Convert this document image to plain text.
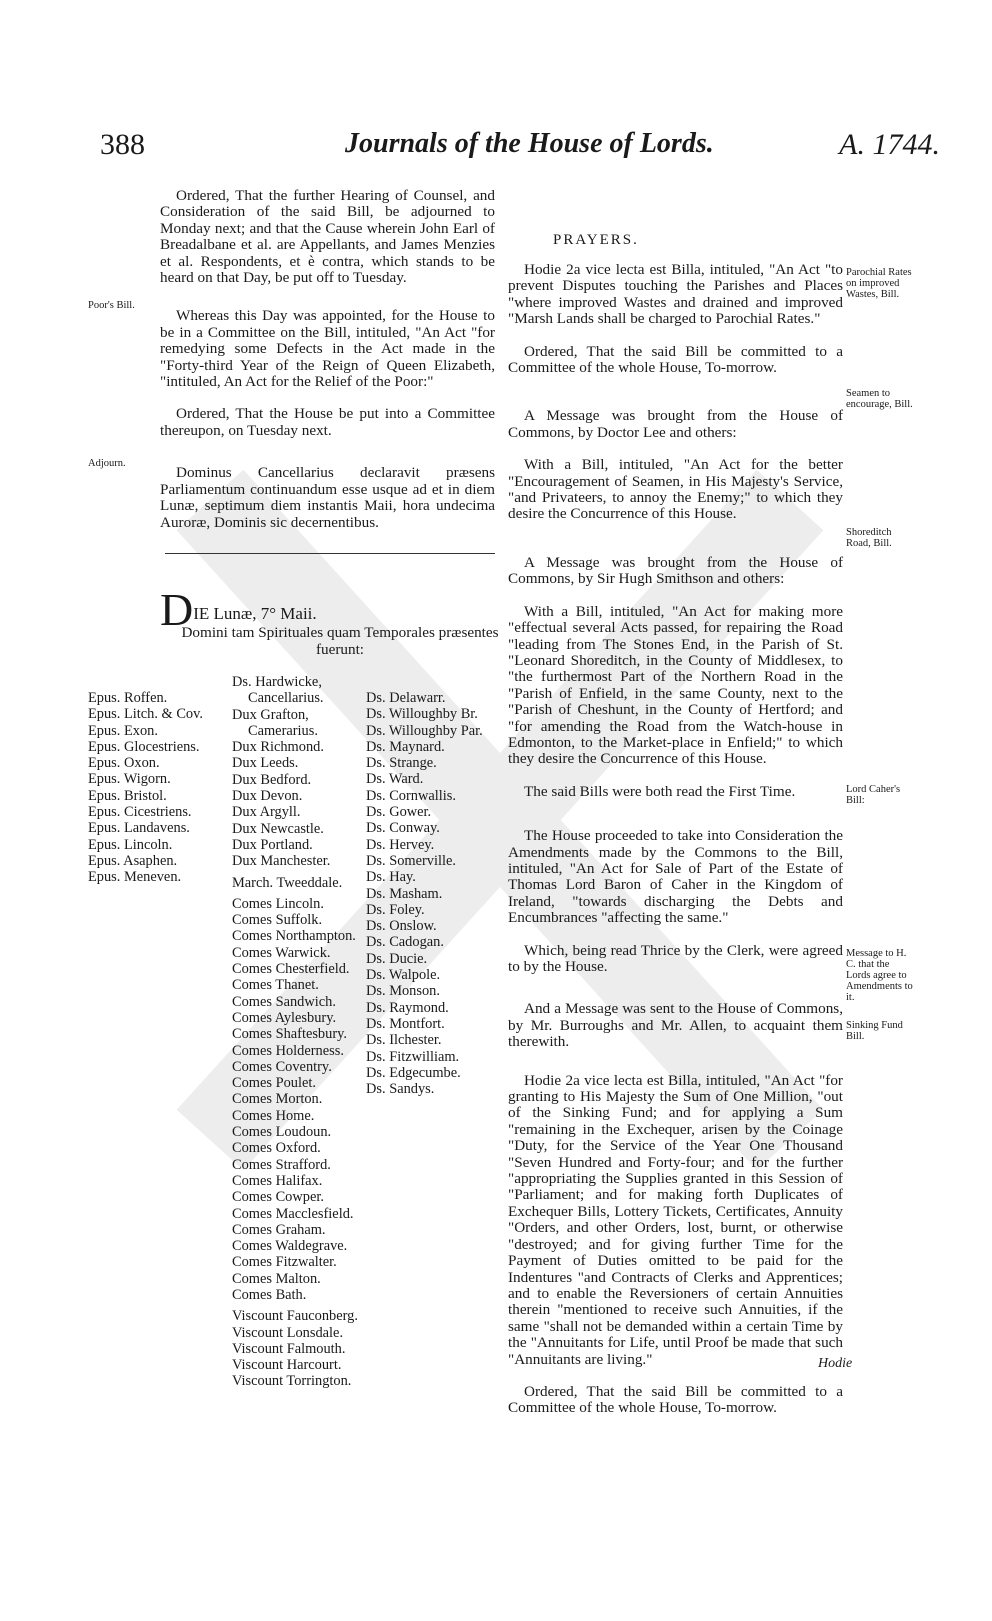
388	Journals of the House of Lords.	A. 1744.

Ordered, That the further Hearing of Counsel, and Consideration of the said Bill, be adjourned to Monday next; and that the Cause wherein John Earl of Breadalbane et al. are Appellants, and James Menzies et al. Respondents, et è contra, which stands to be heard on that Day, be put off to Tuesday.

Whereas this Day was appointed, for the House to be in a Committee on the Bill, intituled, "An Act "for remedying some Defects in the Act made in the "Forty-third Year of the Reign of Queen Elizabeth, "intituled, An Act for the Relief of the Poor:"

Ordered, That the House be put into a Committee thereupon, on Tuesday next.

Dominus Cancellarius declaravit præsens Parliamentum continuandum esse usque ad et in diem Lunæ, septimum diem instantis Maii, hora undecima Auroræ, Dominis sic decernentibus.

Poor's Bill.
Adjourn.
DIE Lunæ, 7° Maii.
Domini tam Spirituales quam Temporales præsentes fuerunt:
Epus. Roffen.
Epus. Litch. & Cov.
Epus. Exon.
Epus. Glocestriens.
Epus. Oxon.
Epus. Wigorn.
Epus. Bristol.
Epus. Cicestriens.
Epus. Landavens.
Epus. Lincoln.
Epus. Asaphen.
Epus. Meneven.
Ds. Hardwicke, Cancellarius.
Dux Grafton, Camerarius.
Dux Richmond.
Dux Leeds.
Dux Bedford.
Dux Devon.
Dux Argyll.
Dux Newcastle.
Dux Portland.
Dux Manchester.
March. Tweeddale.
Comes Lincoln.
Comes Suffolk.
Comes Northampton.
Comes Warwick.
Comes Chesterfield.
Comes Thanet.
Comes Sandwich.
Comes Aylesbury.
Comes Shaftesbury.
Comes Holderness.
Comes Coventry.
Comes Poulet.
Comes Morton.
Comes Home.
Comes Loudoun.
Comes Oxford.
Comes Strafford.
Comes Halifax.
Comes Cowper.
Comes Macclesfield.
Comes Graham.
Comes Waldegrave.
Comes Fitzwalter.
Comes Malton.
Comes Bath.
Viscount Fauconberg.
Viscount Lonsdale.
Viscount Falmouth.
Viscount Harcourt.
Viscount Torrington.
Ds. Delawarr.
Ds. Willoughby Br.
Ds. Willoughby Par.
Ds. Maynard.
Ds. Strange.
Ds. Ward.
Ds. Cornwallis.
Ds. Gower.
Ds. Conway.
Ds. Hervey.
Ds. Somerville.
Ds. Hay.
Ds. Masham.
Ds. Foley.
Ds. Onslow.
Ds. Cadogan.
Ds. Ducie.
Ds. Walpole.
Ds. Monson.
Ds. Raymond.
Ds. Montfort.
Ds. Ilchester.
Ds. Fitzwilliam.
Ds. Edgecumbe.
Ds. Sandys.
PRAYERS.

Hodie 2a vice lecta est Billa, intituled, "An Act "to prevent Disputes touching the Parishes and Places "where improved Wastes and drained and improved "Marsh Lands shall be charged to Parochial Rates."

Ordered, That the said Bill be committed to a Committee of the whole House, To-morrow.

A Message was brought from the House of Commons, by Doctor Lee and others:

With a Bill, intituled, "An Act for the better "Encouragement of Seamen, in His Majesty's Service, "and Privateers, to annoy the Enemy;" to which they desire the Concurrence of this House.

A Message was brought from the House of Commons, by Sir Hugh Smithson and others:

With a Bill, intituled, "An Act for making more "effectual several Acts passed, for repairing the Road "leading from The Stones End, in the Parish of St. "Leonard Shoreditch, in the County of Middlesex, to "the furthermost Part of the Northern Road in the "Parish of Enfield, in the same County, next to the "Parish of Cheshunt, in the County of Hertford; and "for amending the Road from the Watch-house in Edmonton, to the Market-place in Enfield;" to which they desire the Concurrence of this House.

The said Bills were both read the First Time.

The House proceeded to take into Consideration the Amendments made by the Commons to the Bill, intituled, "An Act for Sale of Part of the Estate of Thomas Lord Baron of Caher in the Kingdom of Ireland, "towards discharging the Debts and Encumbrances "affecting the same."

Which, being read Thrice by the Clerk, were agreed to by the House.

And a Message was sent to the House of Commons, by Mr. Burroughs and Mr. Allen, to acquaint them therewith.

Hodie 2a vice lecta est Billa, intituled, "An Act "for granting to His Majesty the Sum of One Million, "out of the Sinking Fund; and for applying a Sum "remaining in the Exchequer, arisen by the Coinage "Duty, for the Service of the Year One Thousand "Seven Hundred and Forty-four; and for the further "appropriating the Supplies granted in this Session of "Parliament; and for making forth Duplicates of Exchequer Bills, Lottery Tickets, Certificates, Annuity "Orders, and other Orders, lost, burnt, or otherwise "destroyed; and for giving further Time for the Payment of Duties omitted to be paid for the Indentures "and Contracts of Clerks and Apprentices; and to enable the Reversioners of certain Annuities therein "mentioned to receive such Annuities, if the same "shall not be demanded within a certain Time by the "Annuitants for Life, until Proof be made that such "Annuitants are living."

Ordered, That the said Bill be committed to a Committee of the whole House, To-morrow.

Parochial Rates on improved Wastes, Bill.
Seamen to encourage, Bill.
Shoreditch Road, Bill.
Lord Caher's Bill:
Message to H. C. that the Lords agree to Amendments to it.
Sinking Fund Bill.
Hodie
